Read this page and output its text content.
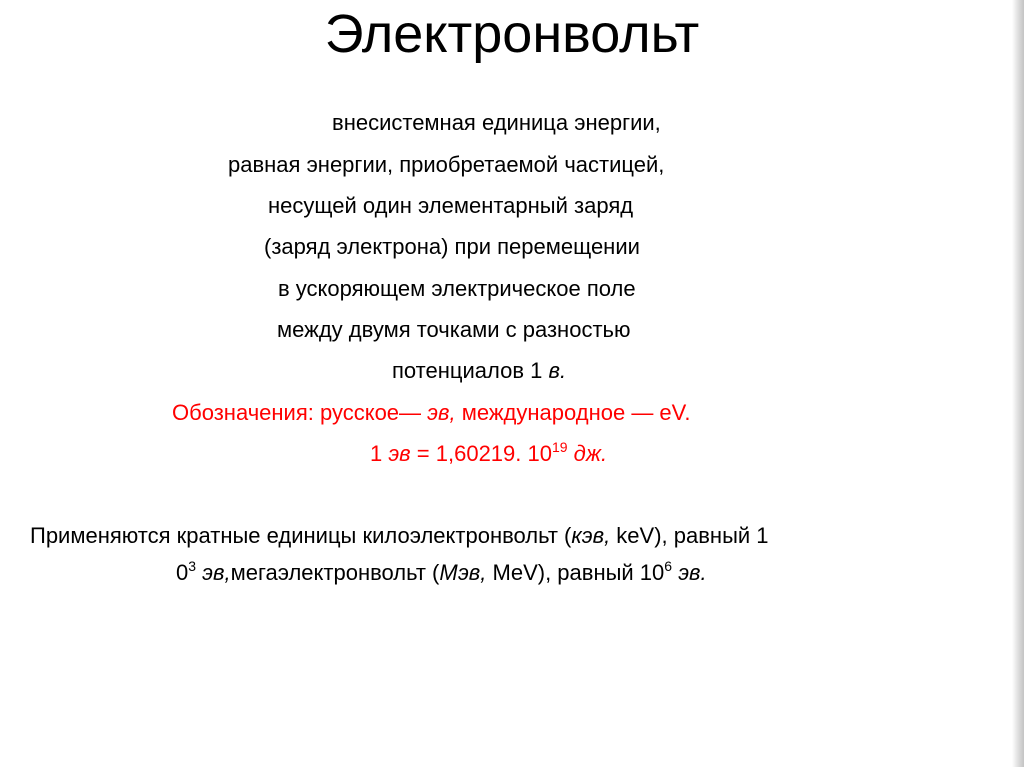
Электронвольт
внесистемная единица энергии,
равная энергии, приобретаемой частицей,
несущей один элементарный заряд
(заряд электрона) при перемещении
в ускоряющем электрическое поле
между двумя точками с разностью
потенциалов 1 в.
Обозначения: русское— эв, международное — eV.
1 эв = 1,60219. $10^{19}$ дж.
Применяются кратные единицы килоэлектронвольт (кэв, keV), равный 1
$0^3$ эв,мегаэлектронвольт (Мэв, MeV), равный $10^6$ эв.
